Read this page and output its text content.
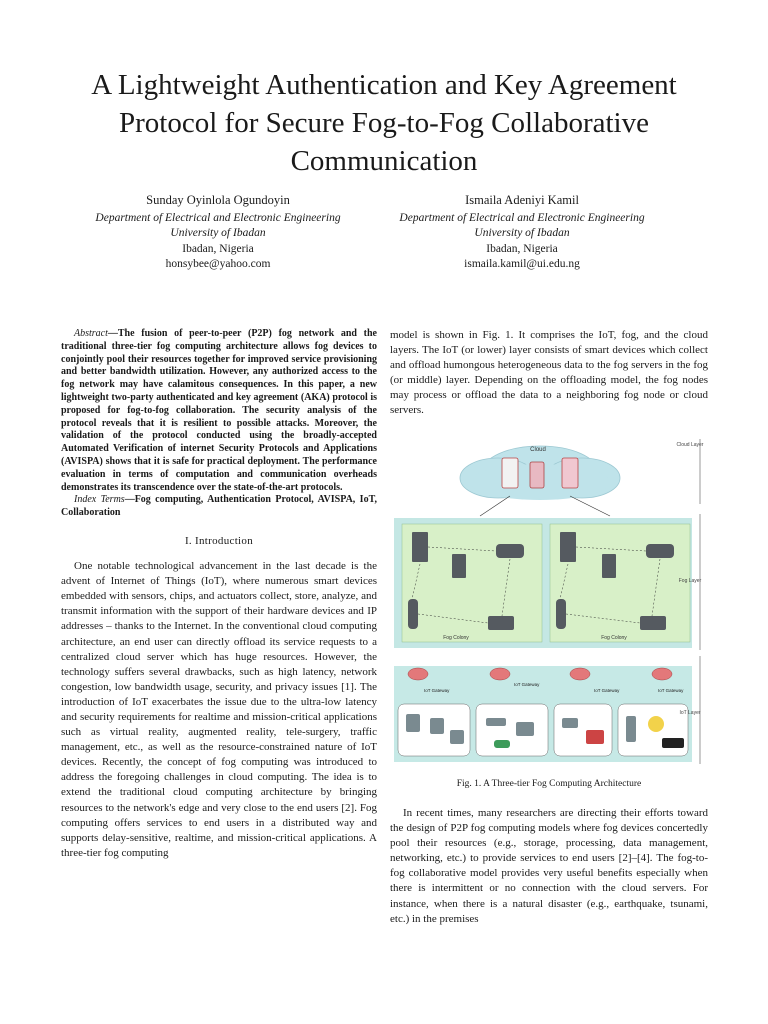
A Lightweight Authentication and Key Agreement Protocol for Secure Fog-to-Fog Collaborative Communication
Sunday Oyinlola Ogundoyin
Department of Electrical and Electronic Engineering
University of Ibadan
Ibadan, Nigeria
honsybee@yahoo.com
Ismaila Adeniyi Kamil
Department of Electrical and Electronic Engineering
University of Ibadan
Ibadan, Nigeria
ismaila.kamil@ui.edu.ng

Abstract—The fusion of peer-to-peer (P2P) fog network and the traditional three-tier fog computing architecture allows fog devices to conjointly pool their resources together for improved service provisioning and better bandwidth utilization. However, any authorized access to the fog network may have calamitous consequences. In this paper, a new lightweight two-party authenticated and key agreement (AKA) protocol is proposed for fog-to-fog collaboration. The security analysis of the protocol reveals that it is resilient to possible attacks. Moreover, the validation of the protocol conducted using the broadly-accepted Automated Verification of internet Security Protocols and Applications (AVISPA) shows that it is safe for practical deployment. The performance evaluation in terms of computation and communication overheads demonstrates its transcendence over the state-of-the-art protocols.

Index Terms—Fog computing, Authentication Protocol, AVISPA, IoT, Collaboration

I. Introduction

One notable technological advancement in the last decade is the advent of Internet of Things (IoT), where numerous smart devices embedded with sensors, chips, and actuators collect, store, analyze, and transmit information with the support of their hardware devices and IP addresses – thanks to the Internet. In the conventional cloud computing architecture, an end user can directly offload its service requests to a centralized cloud server which has huge resources. However, the technology suffers several drawbacks, such as high latency, network congestion, low bandwidth usage, security, and privacy issues [1]. The introduction of IoT exacerbates the issue due to the ultra-low latency and security requirements for realtime and mission-critical applications such as virtual reality, augmented reality, tele-surgery, traffic management, etc., as well as the resource-constrained nature of IoT devices. Recently, the concept of fog computing was introduced to address the foregoing challenges in cloud computing. The idea is to extend the traditional cloud computing architecture by bringing resources to the network's edge and very close to the end users [2]. Fog computing offers services to end users in a distributed way and supports delay-sensitive, realtime, and mission-critical applications. A three-tier fog computing

model is shown in Fig. 1. It comprises the IoT, fog, and the cloud layers. The IoT (or lower) layer consists of smart devices which collect and offload humongous heterogeneous data to the fog servers in the fog (or middle) layer. Depending on the offloading model, the fog nodes may process or offload the data to a neighboring fog node or cloud servers.

Cloud
Cloud Layer
Fog Colony	Fog Colony
Fog Layer
IoT Gateway
IoT Gateway
IoT Gateway	IoT Gateway
IoT Layer
Fig. 1. A Three-tier Fog Computing Architecture

In recent times, many researchers are directing their efforts toward the design of P2P fog computing models where fog devices concertedly pool their resources (e.g., storage, processing, data management, networking, etc.) to provide services to end users [2]–[4]. The fog-to-fog collaborative model provides very useful benefits especially when there is intermittent or no connection with the cloud servers. For instance, when there is a natural disaster (e.g., earthquake, tsunami, etc.) in the premises
